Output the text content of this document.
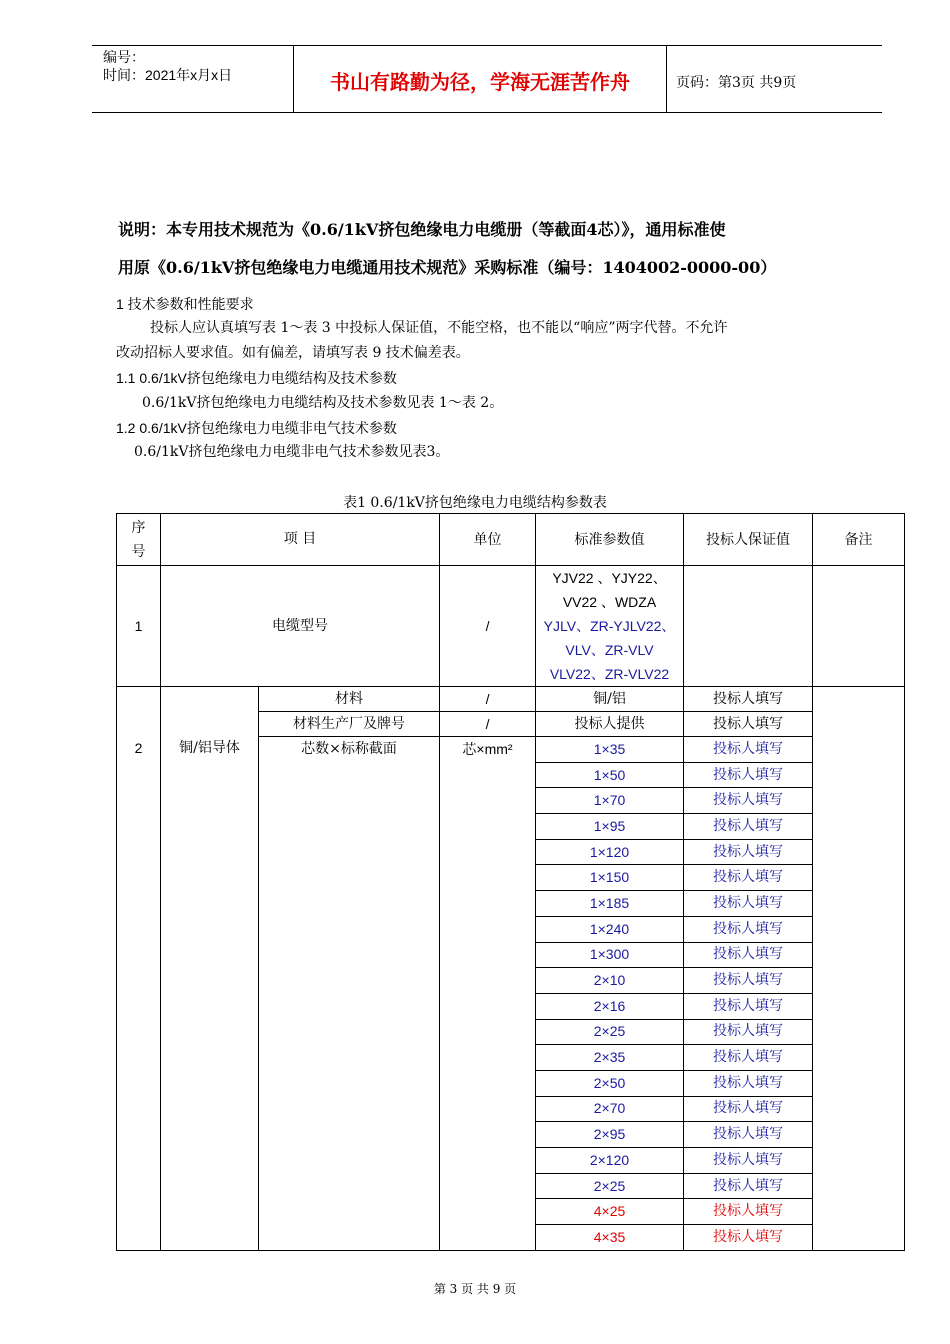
编号：
时间：2021年x月x日	书山有路勤为径，学海无涯苦作舟	页码：第3页 共9页
说明：本专用技术规范为《0.6/1kV挤包绝缘电力电缆册（等截面4芯）》，通用标准使
用原《0.6/1kV挤包绝缘电力电缆通用技术规范》采购标准（编号：1404002-0000-00）
1 技术参数和性能要求
投标人应认真填写表 1～表 3 中投标人保证值，不能空格，也不能以“响应”两字代替。不允许
改动招标人要求值。如有偏差，请填写表 9 技术偏差表。
1.1 0.6/1kV挤包绝缘电力电缆结构及技术参数
0.6/1kV挤包绝缘电力电缆结构及技术参数见表 1～表 2。
1.2 0.6/1kV挤包绝缘电力电缆非电气技术参数
0.6/1kV挤包绝缘电力电缆非电气技术参数见表3。
表1 0.6/1kV挤包绝缘电力电缆结构参数表
序号	项 目		单位	标准参数值	投标人保证值	备注
1	电缆型号		/	YJV22 、YJY22、VV22 、WDZA
YJLV、ZR-YJLV22、VLV、ZR-VLV
VLV22、ZR-VLV22		

2	铜/铝导体	材料	/	铜/铝	投标人填写	
		材料生产厂及牌号	/	投标人提供	投标人填写	
		芯数×标称截面	芯×mm²	1×35	投标人填写	
				1×50	投标人填写	
				1×70	投标人填写	
				1×95	投标人填写	
				1×120	投标人填写	
				1×150	投标人填写	
				1×185	投标人填写	
				1×240	投标人填写	
				1×300	投标人填写	
				2×10	投标人填写	
				2×16	投标人填写	
				2×25	投标人填写	
				2×35	投标人填写	
				2×50	投标人填写	
				2×70	投标人填写	
				2×95	投标人填写	
				2×120	投标人填写	
				2×25	投标人填写	
				4×25	投标人填写	
				4×35	投标人填写	
第 3 页 共 9 页
